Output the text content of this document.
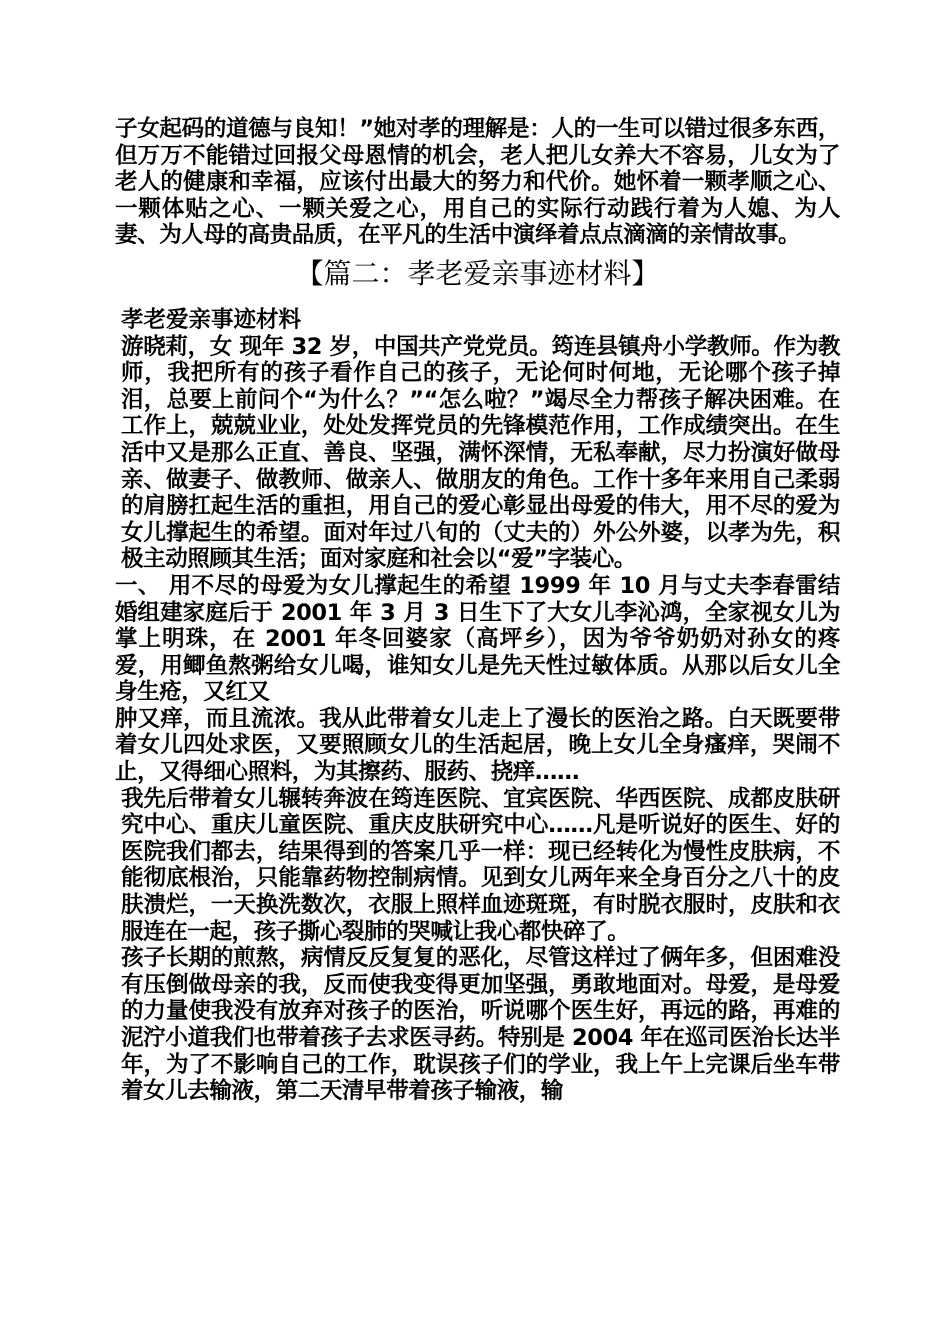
子女起码的道德与良知！”她对孝的理解是：人的一生可以错过很多东西，但万万不能错过回报父母恩情的机会，老人把儿女养大不容易，儿女为了老人的健康和幸福，应该付出最大的努力和代价。她怀着一颗孝顺之心、一颗体贴之心、一颗关爱之心，用自己的实际行动践行着为人媳、为人妻、为人母的高贵品质，在平凡的生活中演绎着点点滴滴的亲情故事。

【篇二：孝老爱亲事迹材料】

孝老爱亲事迹材料

游晓莉，女 现年 32 岁，中国共产党党员。筠连县镇舟小学教师。作为教师，我把所有的孩子看作自己的孩子，无论何时何地，无论哪个孩子掉泪，总要上前问个“为什么？”“怎么啦？”竭尽全力帮孩子解决困难。在工作上，兢兢业业，处处发挥党员的先锋模范作用，工作成绩突出。在生活中又是那么正直、善良、坚强，满怀深情，无私奉献，尽力扮演好做母亲、做妻子、做教师、做亲人、做朋友的角色。工作十多年来用自己柔弱的肩膀扛起生活的重担，用自己的爱心彰显出母爱的伟大，用不尽的爱为女儿撑起生的希望。面对年过八旬的（丈夫的）外公外婆，以孝为先，积极主动照顾其生活；面对家庭和社会以“爱”字装心。

一、 用不尽的母爱为女儿撑起生的希望 1999 年 10 月与丈夫李春雷结婚组建家庭后于 2001 年 3 月 3 日生下了大女儿李沁鸿，全家视女儿为掌上明珠，在 2001 年冬回婆家（高坪乡），因为爷爷奶奶对孙女的疼爱，用鲫鱼熬粥给女儿喝，谁知女儿是先天性过敏体质。从那以后女儿全身生疮，又红又

肿又痒，而且流浓。我从此带着女儿走上了漫长的医治之路。白天既要带着女儿四处求医，又要照顾女儿的生活起居，晚上女儿全身瘙痒，哭闹不止，又得细心照料，为其擦药、服药、挠痒……

我先后带着女儿辗转奔波在筠连医院、宜宾医院、华西医院、成都皮肤研究中心、重庆儿童医院、重庆皮肤研究中心……凡是听说好的医生、好的医院我们都去，结果得到的答案几乎一样：现已经转化为慢性皮肤病，不能彻底根治，只能靠药物控制病情。见到女儿两年来全身百分之八十的皮肤溃烂，一天换洗数次，衣服上照样血迹斑斑，有时脱衣服时，皮肤和衣服连在一起，孩子撕心裂肺的哭喊让我心都快碎了。

孩子长期的煎熬，病情反反复复的恶化，尽管这样过了俩年多，但困难没有压倒做母亲的我，反而使我变得更加坚强，勇敢地面对。母爱，是母爱的力量使我没有放弃对孩子的医治，听说哪个医生好，再远的路，再难的泥泞小道我们也带着孩子去求医寻药。特别是 2004 年在巡司医治长达半年，为了不影响自己的工作，耽误孩子们的学业，我上午上完课后坐车带着女儿去输液，第二天清早带着孩子输液，输
